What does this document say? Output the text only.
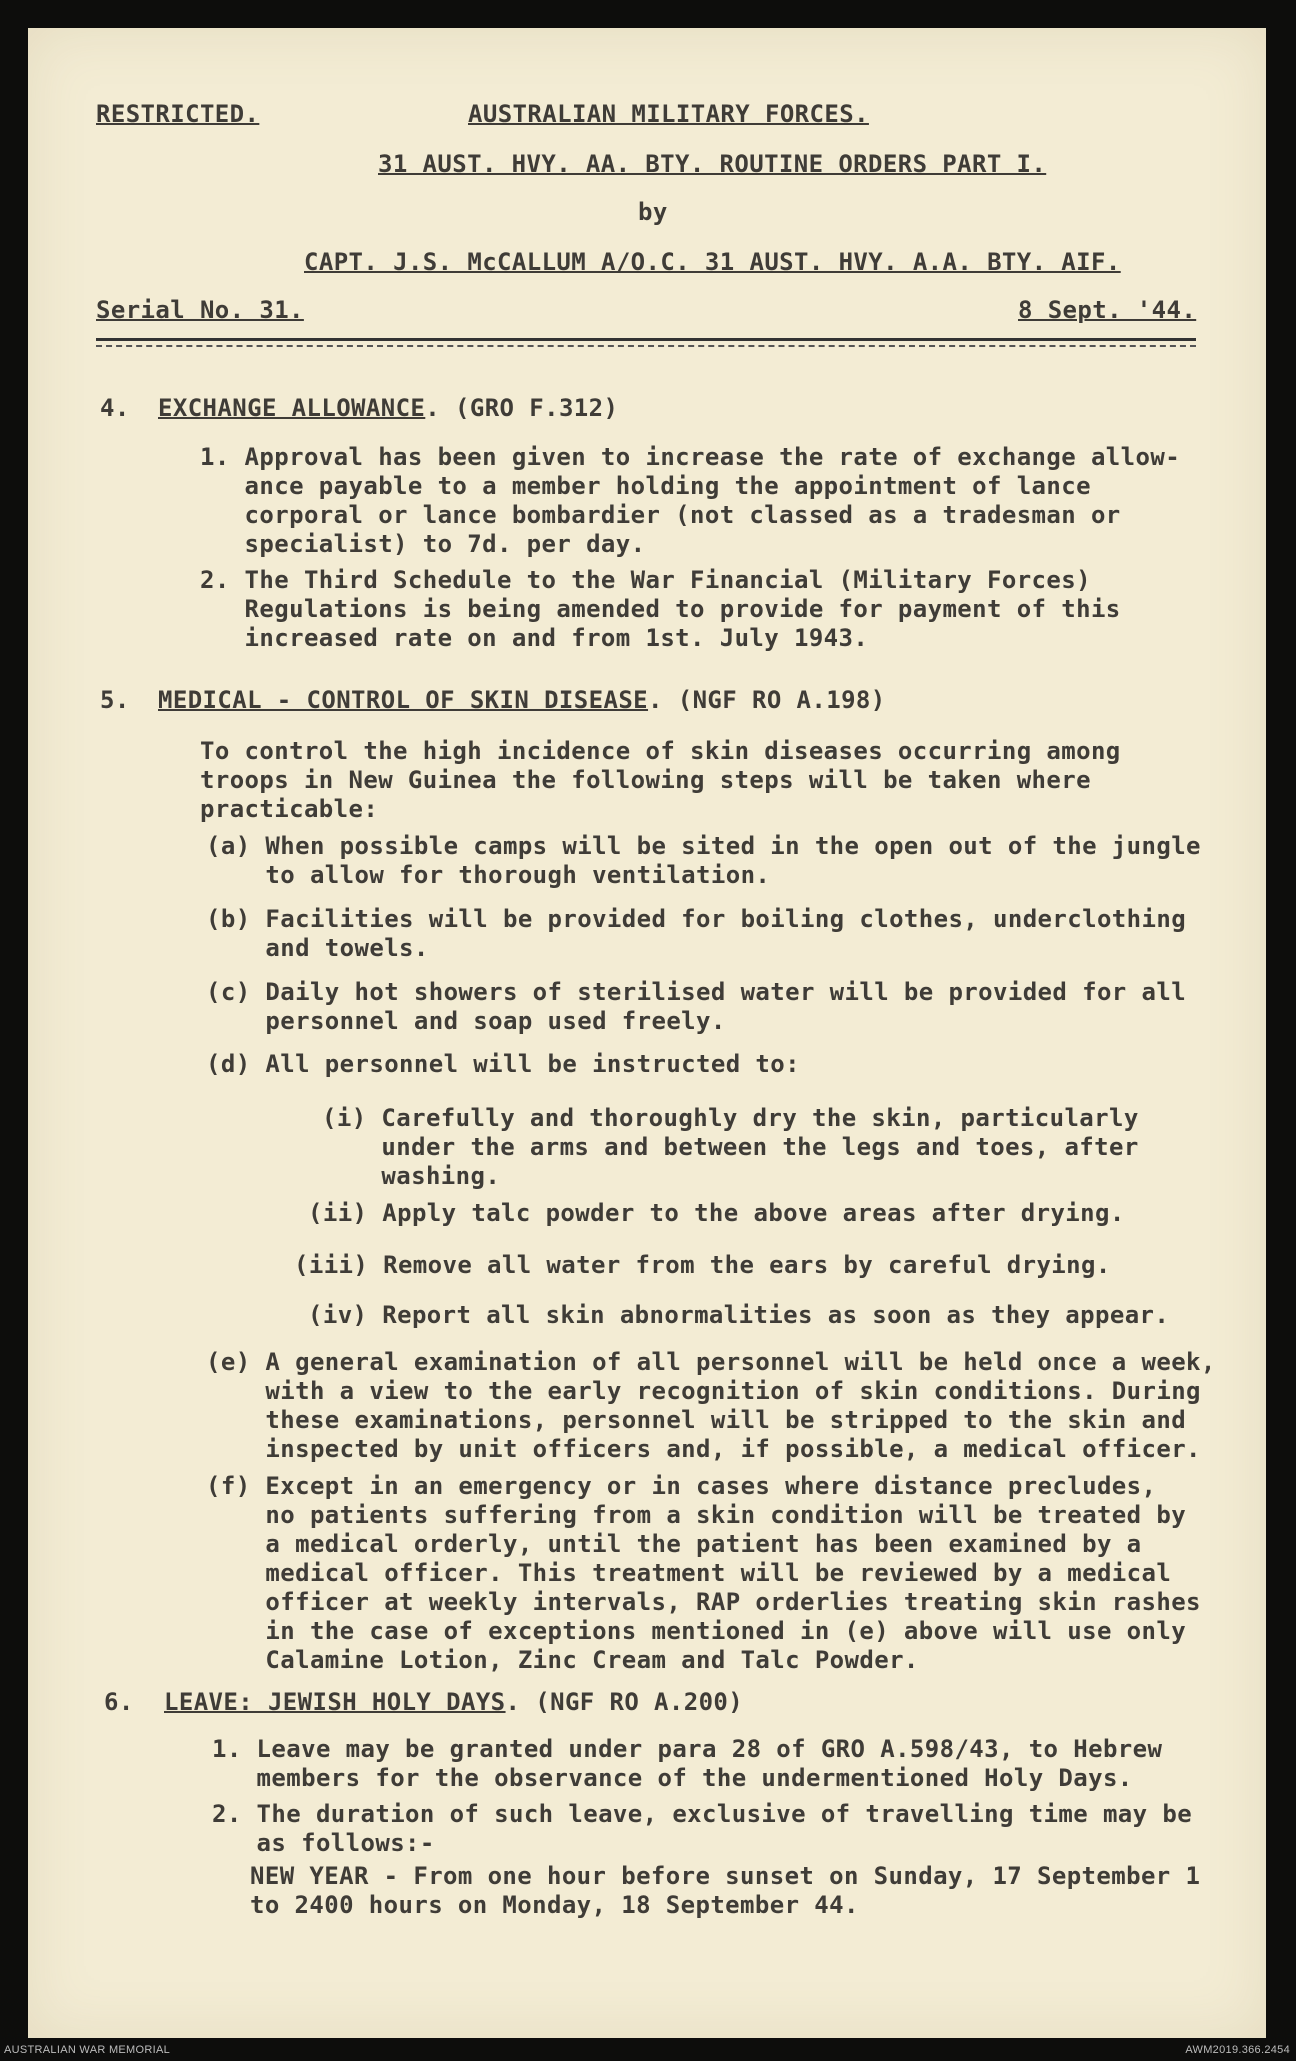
RESTRICTED.	AUSTRALIAN MILITARY FORCES.
31 AUST. HVY. AA. BTY. ROUTINE ORDERS PART I.
by
CAPT. J.S. McCALLUM A/O.C. 31 AUST. HVY. A.A. BTY. AIF.
Serial No. 31.	8 Sept. '44.
4. EXCHANGE ALLOWANCE. (GRO F.312)
1. Approval has been given to increase the rate of exchange allow-
ance payable to a member holding the appointment of lance
corporal or lance bombardier (not classed as a tradesman or
specialist) to 7d. per day.
2. The Third Schedule to the War Financial (Military Forces)
Regulations is being amended to provide for payment of this
increased rate on and from 1st. July 1943.
5. MEDICAL - CONTROL OF SKIN DISEASE. (NGF RO A.198)
To control the high incidence of skin diseases occurring among
troops in New Guinea the following steps will be taken where
practicable:
(a) When possible camps will be sited in the open out of the jungle
to allow for thorough ventilation.
(b) Facilities will be provided for boiling clothes, underclothing
and towels.
(c) Daily hot showers of sterilised water will be provided for all
personnel and soap used freely.
(d) All personnel will be instructed to:
(i) Carefully and thoroughly dry the skin, particularly
under the arms and between the legs and toes, after
washing.
(ii) Apply talc powder to the above areas after drying.
(iii) Remove all water from the ears by careful drying.
(iv) Report all skin abnormalities as soon as they appear.
(e) A general examination of all personnel will be held once a week,
with a view to the early recognition of skin conditions. During
these examinations, personnel will be stripped to the skin and
inspected by unit officers and, if possible, a medical officer.
(f) Except in an emergency or in cases where distance precludes,
no patients suffering from a skin condition will be treated by
a medical orderly, until the patient has been examined by a
medical officer. This treatment will be reviewed by a medical
officer at weekly intervals, RAP orderlies treating skin rashes
in the case of exceptions mentioned in (e) above will use only
Calamine Lotion, Zinc Cream and Talc Powder.
6. LEAVE: JEWISH HOLY DAYS. (NGF RO A.200)
1. Leave may be granted under para 28 of GRO A.598/43, to Hebrew
members for the observance of the undermentioned Holy Days.
2. The duration of such leave, exclusive of travelling time may be
as follows:-
NEW YEAR - From one hour before sunset on Sunday, 17 September 1
to 2400 hours on Monday, 18 September 44.
AUSTRALIAN WAR MEMORIAL	AWM2019.366.2454
